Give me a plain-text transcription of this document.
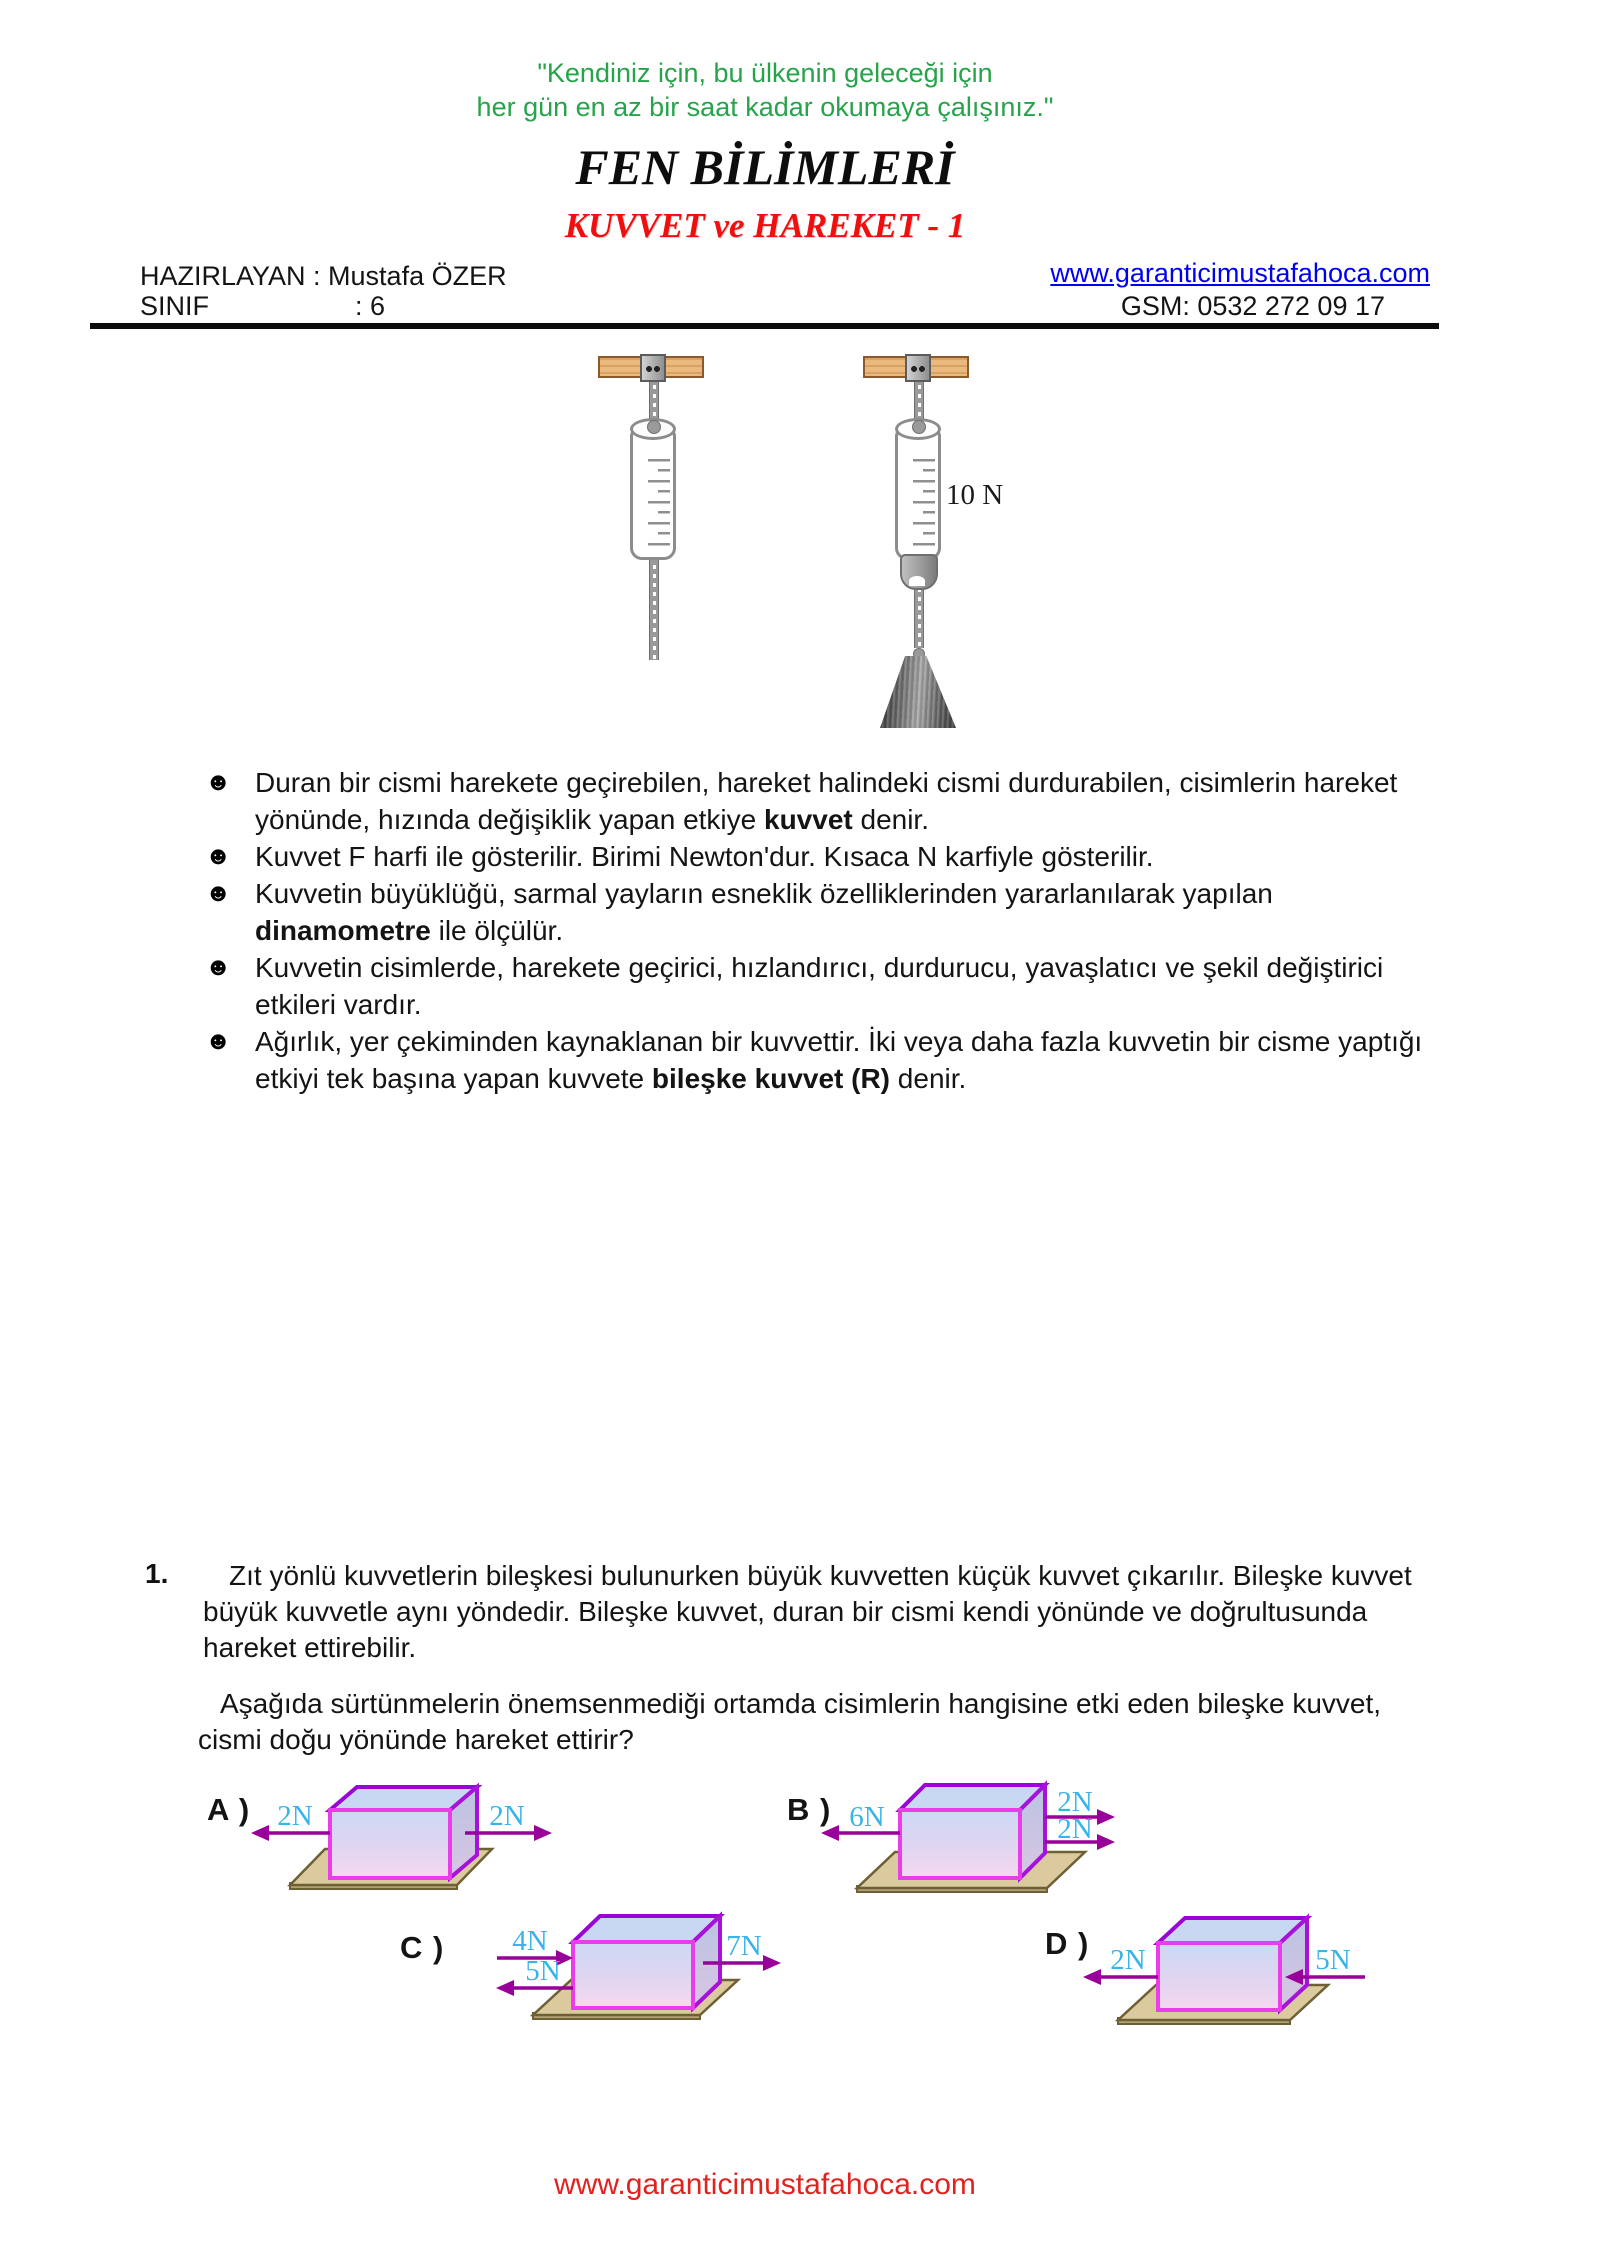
"Kendiniz için, bu ülkenin geleceği için
her gün en az bir saat kadar okumaya çalışınız."
FEN BİLİMLERİ
KUVVET ve HAREKET - 1
HAZIRLAYAN : Mustafa ÖZER	www.garanticimustafahoca.com
SINIF	: 6	GSM: 0532 272 09 17
10 N
☻ Duran bir cismi harekete geçirebilen, hareket halindeki cismi durdurabilen, cisimlerin hareket yönünde, hızında değişiklik yapan etkiye kuvvet denir.
☻ Kuvvet F harfi ile gösterilir. Birimi Newton'dur. Kısaca N karfiyle gösterilir.
☻ Kuvvetin büyüklüğü, sarmal yayların esneklik özelliklerinden yararlanılarak yapılan dinamometre ile ölçülür.
☻ Kuvvetin cisimlerde, harekete geçirici, hızlandırıcı, durdurucu, yavaşlatıcı ve şekil değiştirici etkileri vardır.
☻ Ağırlık, yer çekiminden kaynaklanan bir kuvvettir. İki veya daha fazla kuvvetin bir cisme yaptığı etkiyi tek başına yapan kuvvete bileşke kuvvet (R) denir.
1.	Zıt yönlü kuvvetlerin bileşkesi bulunurken büyük kuvvetten küçük kuvvet çıkarılır. Bileşke kuvvet büyük kuvvetle aynı yöndedir. Bileşke kuvvet, duran bir cismi kendi yönünde ve doğrultusunda hareket ettirebilir.
Aşağıda sürtünmelerin önemsenmediği ortamda cisimlerin hangisine etki eden bileşke kuvvet, cismi doğu yönünde hareket ettirir?
A ) 2N	2N	B ) 6N	2N
2N
C ) 4N
5N
7N	D ) 2N	5N
www.garanticimustafahoca.com
